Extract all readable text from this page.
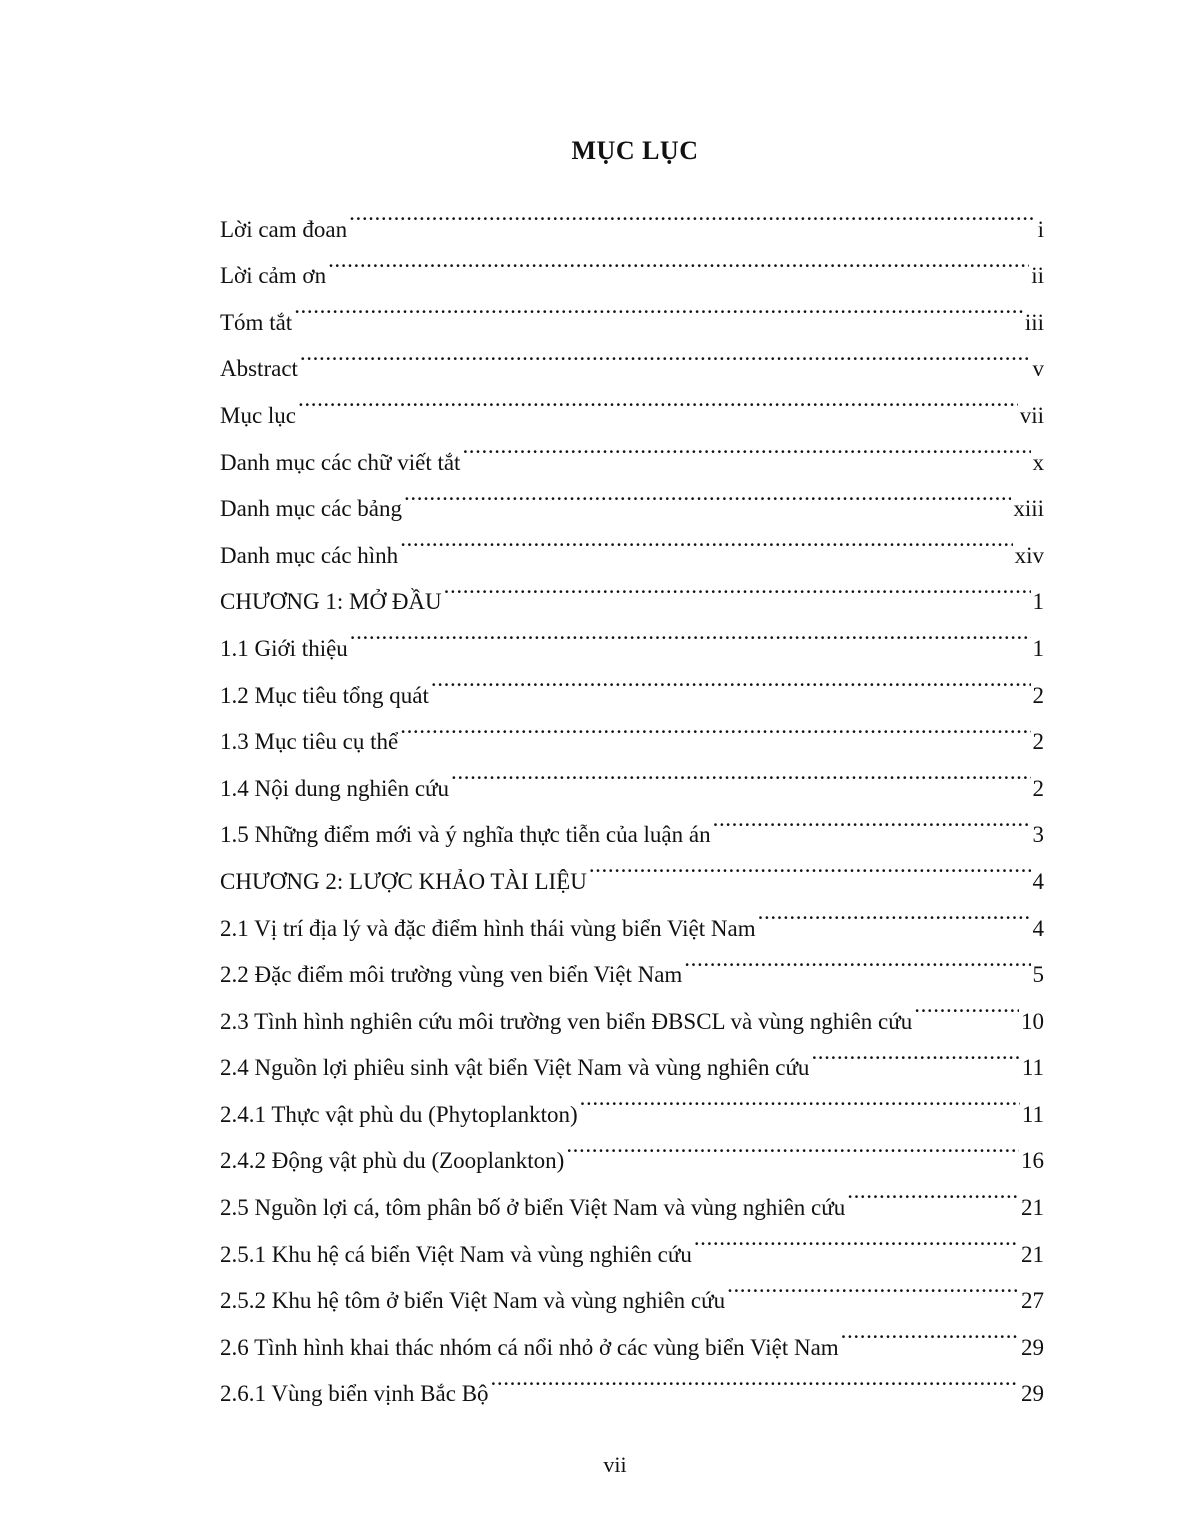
MỤC LỤC
Lời cam đoan .....	i
Lời cảm ơn .....	ii
Tóm tắt .....	iii
Abstract .....	v
Mục lục .....	vii
Danh mục các chữ viết tắt .....	x
Danh mục các bảng .....	xiii
Danh mục các hình .....	xiv
CHƯƠNG 1: MỞ ĐẦU .....	1
1.1 Giới thiệu .....	1
1.2 Mục tiêu tổng quát .....	2
1.3 Mục tiêu cụ thể .....	2
1.4 Nội dung nghiên cứu .....	2
1.5 Những điểm mới và ý nghĩa thực tiễn của luận án .....	3
CHƯƠNG 2: LƯỢC KHẢO TÀI LIỆU .....	4
2.1 Vị trí địa lý và đặc điểm hình thái vùng biển Việt Nam .....	4
2.2 Đặc điểm môi trường vùng ven biển Việt Nam .....	5
2.3 Tình hình nghiên cứu môi trường ven biển ĐBSCL và vùng nghiên cứu .....	10
2.4 Nguồn lợi phiêu sinh vật biển Việt Nam và vùng nghiên cứu .....	11
2.4.1 Thực vật phù du (Phytoplankton) .....	11
2.4.2 Động vật phù du (Zooplankton) .....	16
2.5 Nguồn lợi cá, tôm phân bố ở biển Việt Nam và vùng nghiên cứu .....	21
2.5.1 Khu hệ cá biển Việt Nam và vùng nghiên cứu .....	21
2.5.2 Khu hệ tôm ở biển Việt Nam và vùng nghiên cứu .....	27
2.6 Tình hình khai thác nhóm cá nổi nhỏ ở các vùng biển Việt Nam .....	29
2.6.1 Vùng biển vịnh Bắc Bộ .....	29
vii
